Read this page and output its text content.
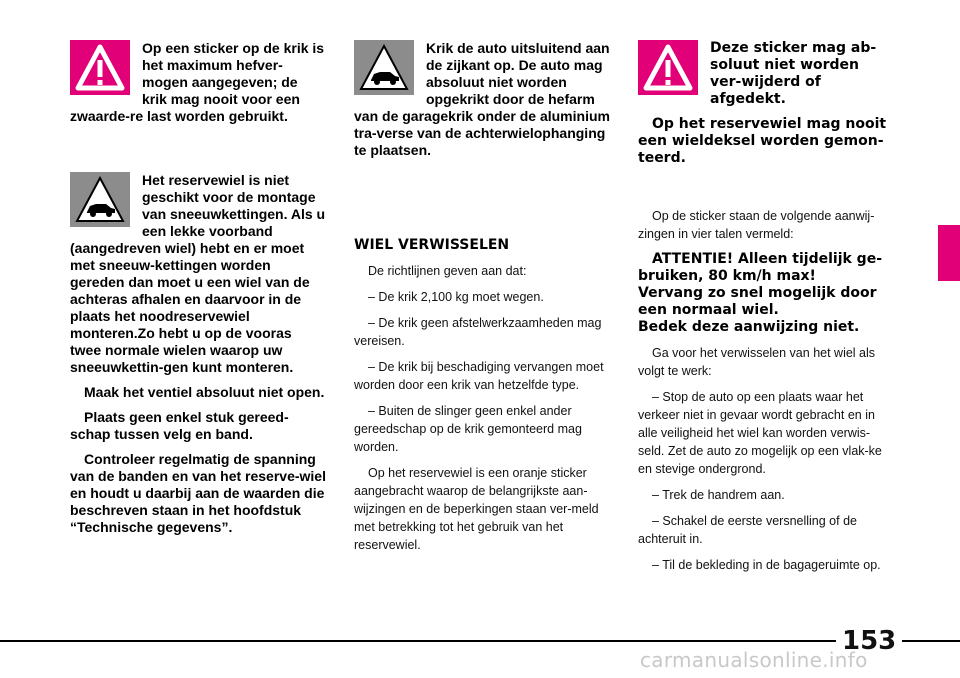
Op een sticker op de krik is het maximum hefver-mogen aangegeven; de krik mag nooit voor een zwaarde-re last worden gebruikt.

Het reservewiel is niet geschikt voor de montage van sneeuwkettingen. Als u een lekke voorband (aangedreven wiel) hebt en er moet met sneeuw-kettingen worden gereden dan moet u een wiel van de achteras afhalen en daarvoor in de plaats het noodreservewiel monteren.Zo hebt u op de vooras twee normale wielen waarop uw sneeuwkettin-gen kunt monteren.

Maak het ventiel absoluut niet open.

Plaats geen enkel stuk gereed-schap tussen velg en band.

Controleer regelmatig de spanning van de banden en van het reserve-wiel en houdt u daarbij aan de waarden die beschreven staan in het hoofdstuk “Technische gegevens”.

Krik de auto uitsluitend aan de zijkant op. De auto mag absoluut niet worden opgekrikt door de hefarm van de garagekrik onder de aluminium tra-verse van de achterwielophanging te plaatsen.

WIEL VERWISSELEN

De richtlijnen geven aan dat:

– De krik 2,100 kg moet wegen.

– De krik geen afstelwerkzaamheden mag vereisen.

– De krik bij beschadiging vervangen moet worden door een krik van hetzelfde type.

– Buiten de slinger geen enkel ander gereedschap op de krik gemonteerd mag worden.

Op het reservewiel is een oranje sticker aangebracht waarop de belangrijkste aan-wijzingen en de beperkingen staan ver-meld met betrekking tot het gebruik van het reservewiel.

Deze sticker mag ab-soluut niet worden ver-wijderd of afgedekt.

Op het reservewiel mag nooit een wieldeksel worden gemon-teerd.

Op de sticker staan de volgende aanwij-zingen in vier talen vermeld:

ATTENTIE! Alleen tijdelijk ge-bruiken, 80 km/h max!

Vervang zo snel mogelijk door een normaal wiel.

Bedek deze aanwijzing niet.

Ga voor het verwisselen van het wiel als volgt te werk:

– Stop de auto op een plaats waar het verkeer niet in gevaar wordt gebracht en in alle veiligheid het wiel kan worden verwis-seld. Zet de auto zo mogelijk op een vlak-ke en stevige ondergrond.

– Trek de handrem aan.

– Schakel de eerste versnelling of de achteruit in.

– Til de bekleding in de bagageruimte op.

153
carmanualsonline.info
